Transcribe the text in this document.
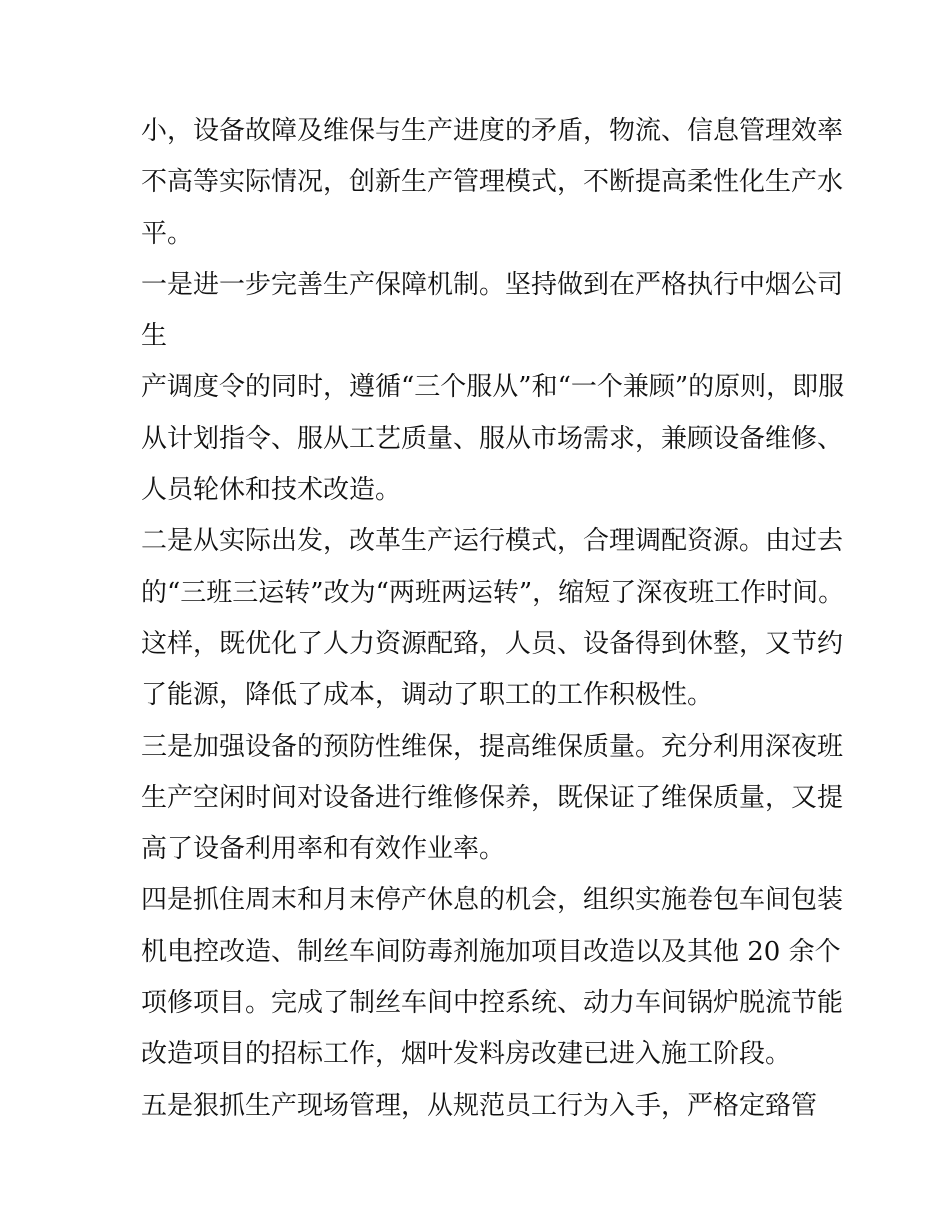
小，设备故障及维保与生产进度的矛盾，物流、信息管理效率
不高等实际情况，创新生产管理模式，不断提高柔性化生产水
平。
一是进一步完善生产保障机制。坚持做到在严格执行中烟公司
生
产调度令的同时，遵循“三个服从”和“一个兼顾”的原则，即服
从计划指令、服从工艺质量、服从市场需求，兼顾设备维修、
人员轮休和技术改造。
二是从实际出发，改革生产运行模式，合理调配资源。由过去
的“三班三运转”改为“两班两运转”，缩短了深夜班工作时间。
这样，既优化了人力资源配臵，人员、设备得到休整，又节约
了能源，降低了成本，调动了职工的工作积极性。
三是加强设备的预防性维保，提高维保质量。充分利用深夜班
生产空闲时间对设备进行维修保养，既保证了维保质量，又提
高了设备利用率和有效作业率。
四是抓住周末和月末停产休息的机会，组织实施卷包车间包装
机电控改造、制丝车间防毒剂施加项目改造以及其他 20 余个
项修项目。完成了制丝车间中控系统、动力车间锅炉脱流节能
改造项目的招标工作，烟叶发料房改建已进入施工阶段。
五是狠抓生产现场管理，从规范员工行为入手，严格定臵管
